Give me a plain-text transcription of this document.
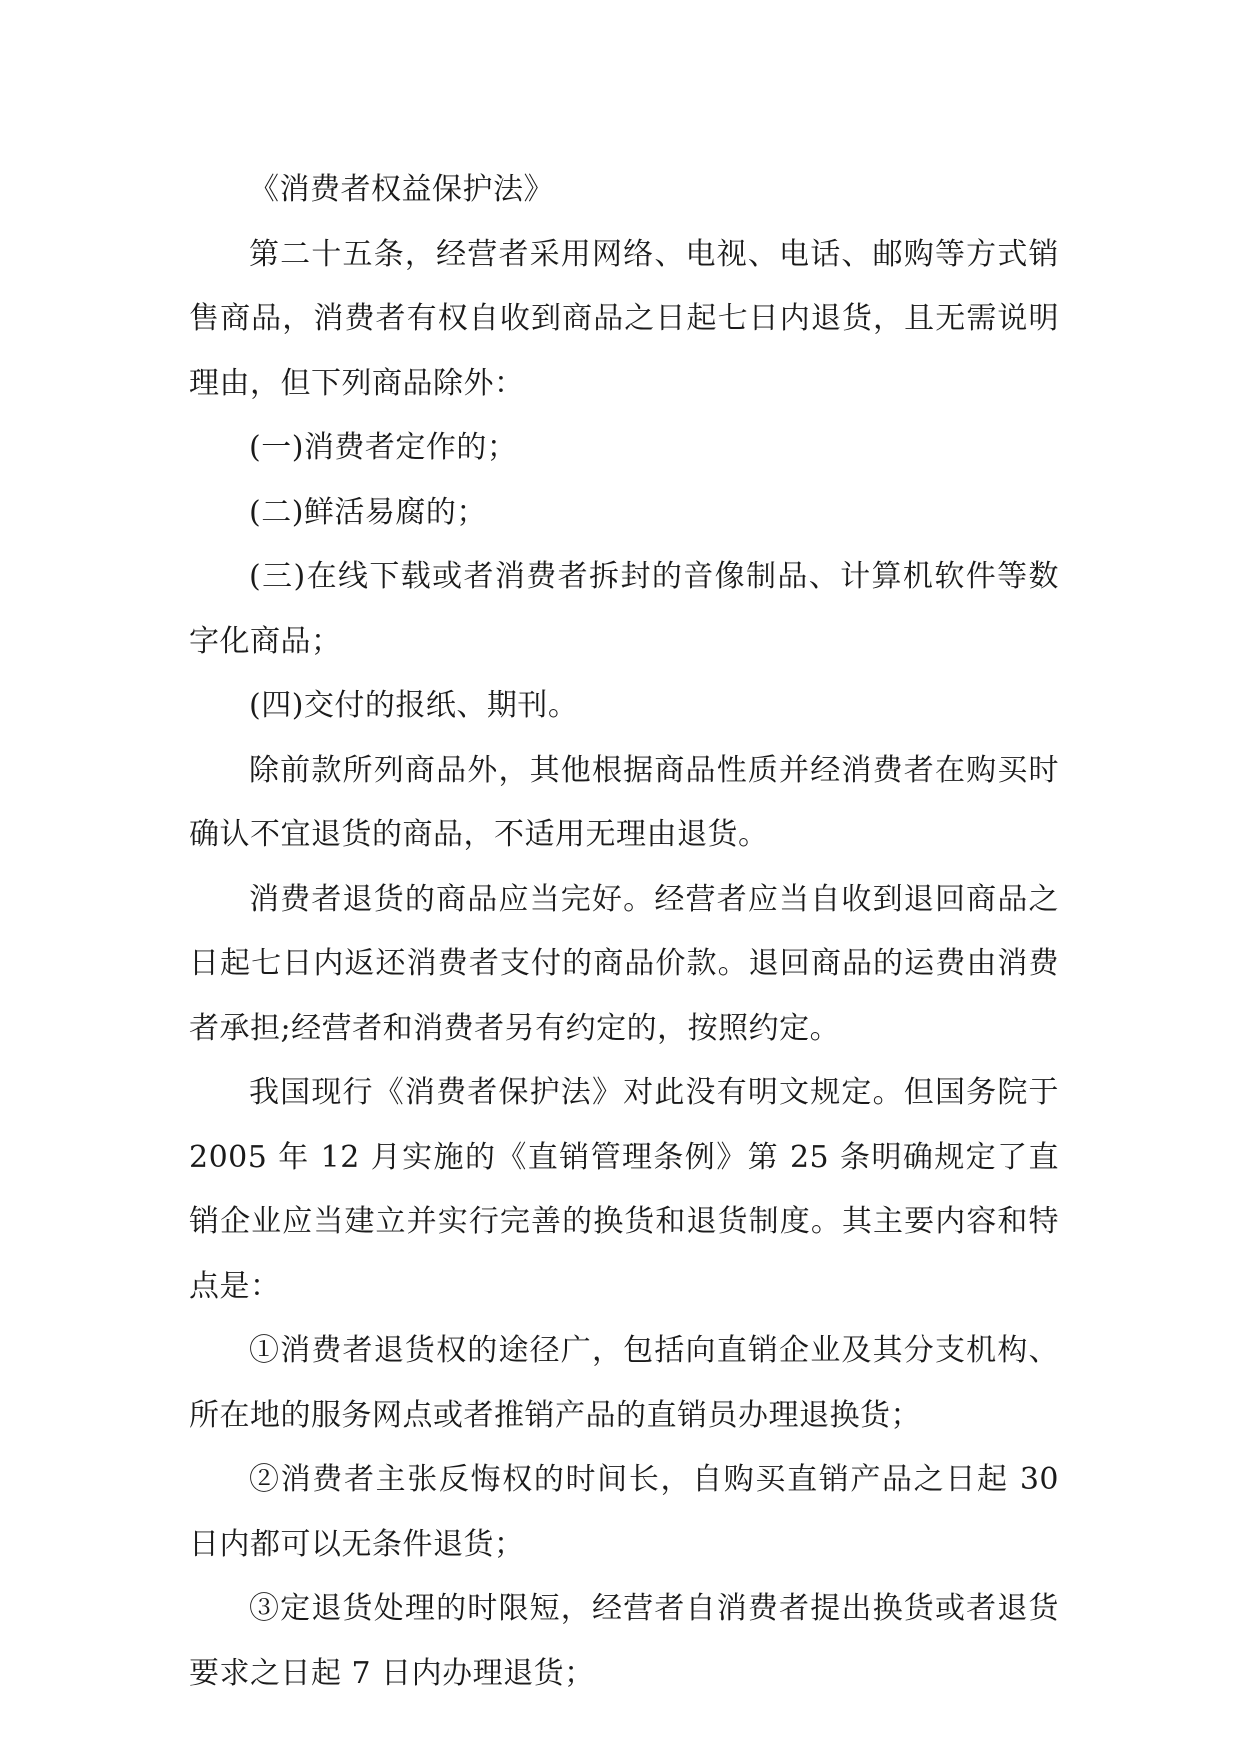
《消费者权益保护法》

第二十五条，经营者采用网络、电视、电话、邮购等方式销售商品，消费者有权自收到商品之日起七日内退货，且无需说明理由，但下列商品除外：

(一)消费者定作的；

(二)鲜活易腐的；

(三)在线下载或者消费者拆封的音像制品、计算机软件等数字化商品；

(四)交付的报纸、期刊。

除前款所列商品外，其他根据商品性质并经消费者在购买时确认不宜退货的商品，不适用无理由退货。

消费者退货的商品应当完好。经营者应当自收到退回商品之日起七日内返还消费者支付的商品价款。退回商品的运费由消费者承担;经营者和消费者另有约定的，按照约定。

我国现行《消费者保护法》对此没有明文规定。但国务院于 2005 年 12 月实施的《直销管理条例》第 25 条明确规定了直销企业应当建立并实行完善的换货和退货制度。其主要内容和特点是：

①消费者退货权的途径广，包括向直销企业及其分支机构、所在地的服务网点或者推销产品的直销员办理退换货；

②消费者主张反悔权的时间长，自购买直销产品之日起 30 日内都可以无条件退货；

③定退货处理的时限短，经营者自消费者提出换货或者退货要求之日起 7 日内办理退货；
